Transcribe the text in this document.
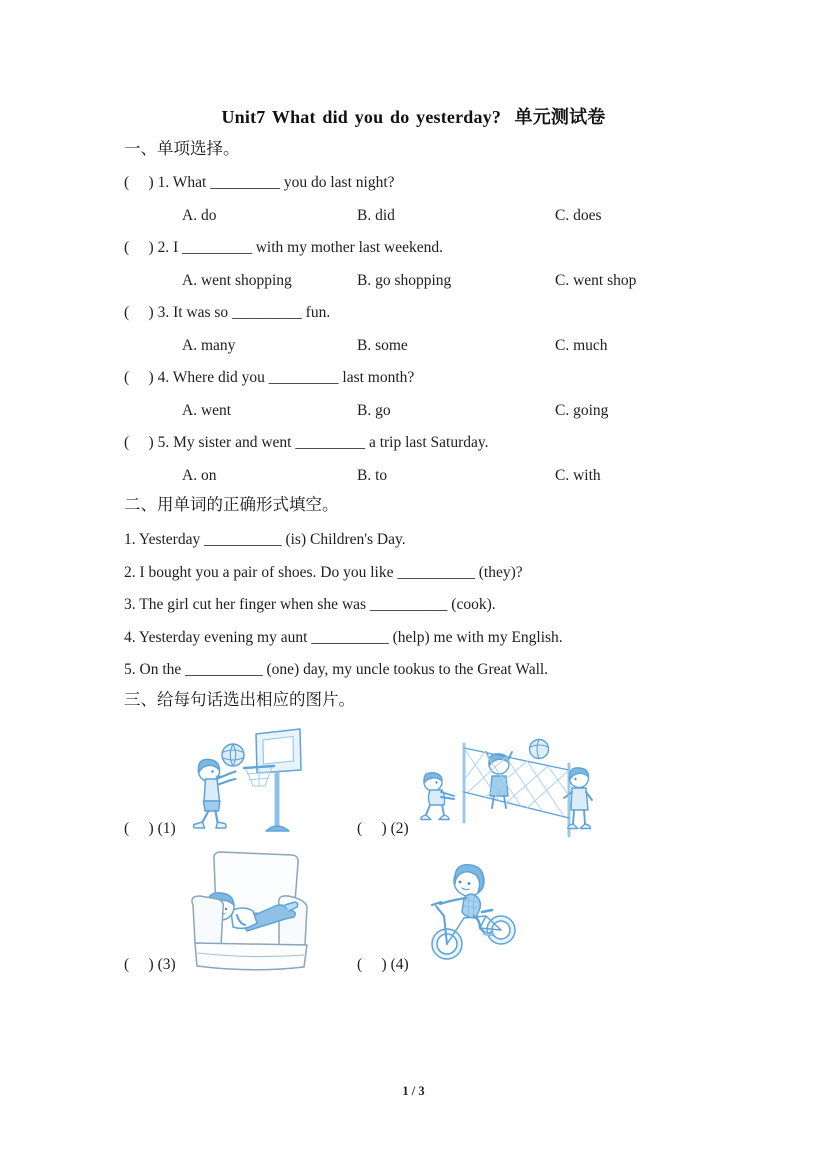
Unit7 What did you do yesterday?  单元测试卷
一、单项选择。
(     ) 1. What _________ you do last night?
A. do	B. did	C. does
(     ) 2. I _________ with my mother last weekend.
A. went shopping	B. go shopping	C. went shop
(     ) 3. It was so _________ fun.
A. many	B. some	C. much
(     ) 4. Where did you _________ last month?
A. went	B. go	C. going
(     ) 5. My sister and went _________ a trip last Saturday.
A. on	B. to	C. with
二、用单词的正确形式填空。
1. Yesterday __________ (is) Children's Day.
2. I bought you a pair of shoes. Do you like __________ (they)?
3. The girl cut her finger when she was __________ (cook).
4. Yesterday evening my aunt __________ (help) me with my English.
5. On the __________ (one) day, my uncle tookus to the Great Wall.
三、给每句话选出相应的图片。
(     ) (1)	(     ) (2)
(     ) (3)	(     ) (4)
1 / 3
